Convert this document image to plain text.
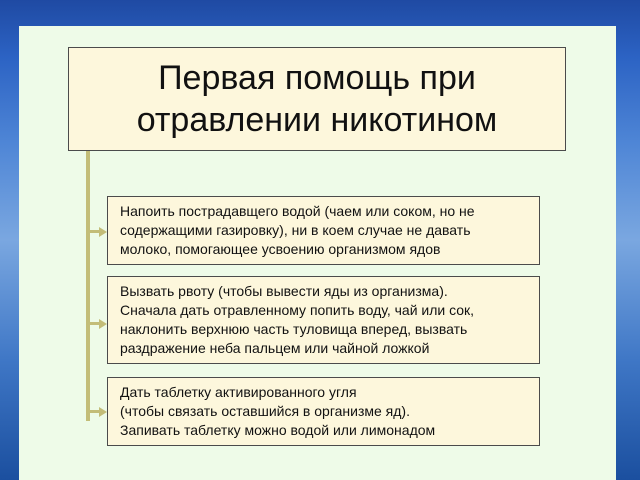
Первая помощь при
отравлении никотином
Напоить пострадавщего водой (чаем или соком, но не
содержащими газировку), ни в коем случае не давать
молоко, помогающее усвоению организмом ядов
Вызвать рвоту (чтобы вывести яды из организма).
Сначала дать отравленному попить воду, чай или сок,
наклонить верхнюю часть туловища вперед, вызвать
раздражение неба пальцем или чайной ложкой
Дать таблетку активированного угля
(чтобы связать оставшийся в организме яд).
Запивать таблетку можно водой или лимонадом
